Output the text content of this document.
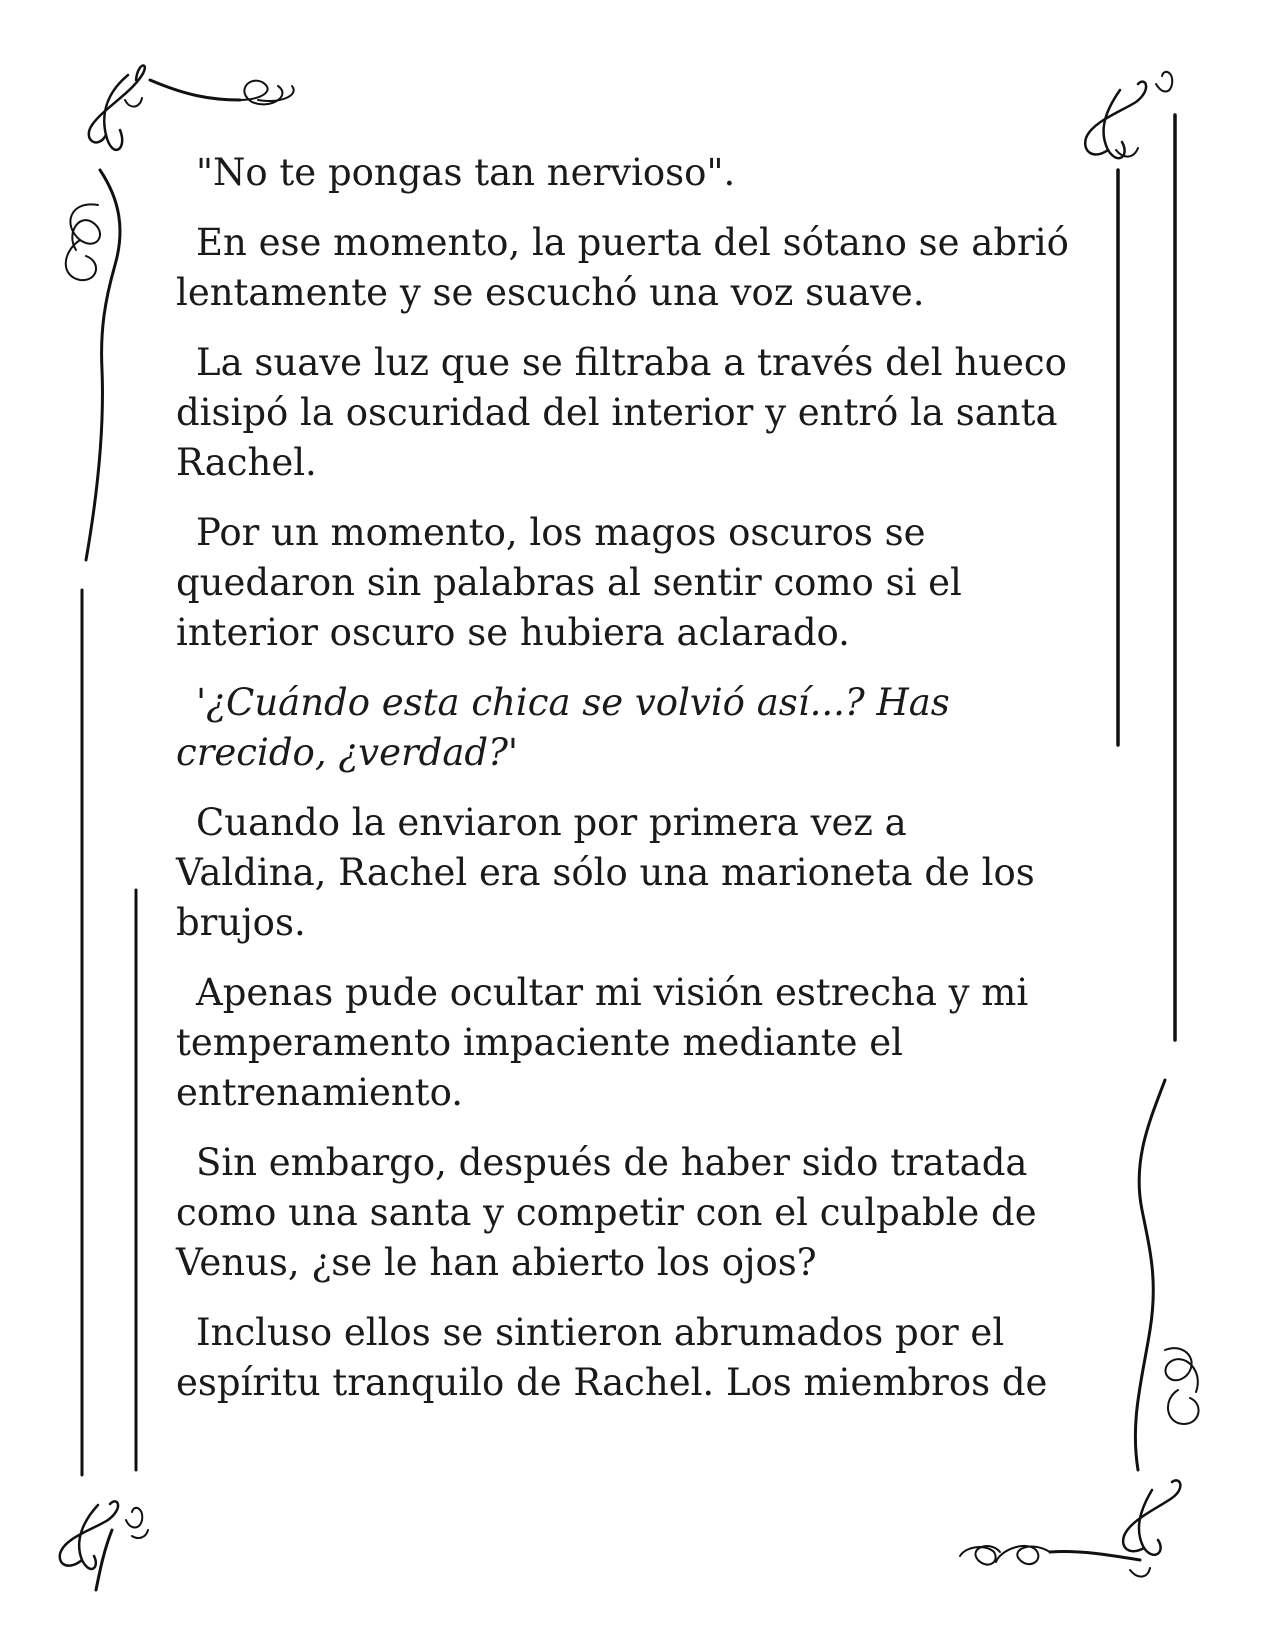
"No te pongas tan nervioso".

En ese momento, la puerta del sótano se abrió
lentamente y se escuchó una voz suave.

La suave luz que se filtraba a través del hueco
disipó la oscuridad del interior y entró la santa
Rachel.

Por un momento, los magos oscuros se
quedaron sin palabras al sentir como si el
interior oscuro se hubiera aclarado.

'¿Cuándo esta chica se volvió así...? Has
crecido, ¿verdad?'

Cuando la enviaron por primera vez a
Valdina, Rachel era sólo una marioneta de los
brujos.

Apenas pude ocultar mi visión estrecha y mi
temperamento impaciente mediante el
entrenamiento.

Sin embargo, después de haber sido tratada
como una santa y competir con el culpable de
Venus, ¿se le han abierto los ojos?

Incluso ellos se sintieron abrumados por el
espíritu tranquilo de Rachel. Los miembros de
